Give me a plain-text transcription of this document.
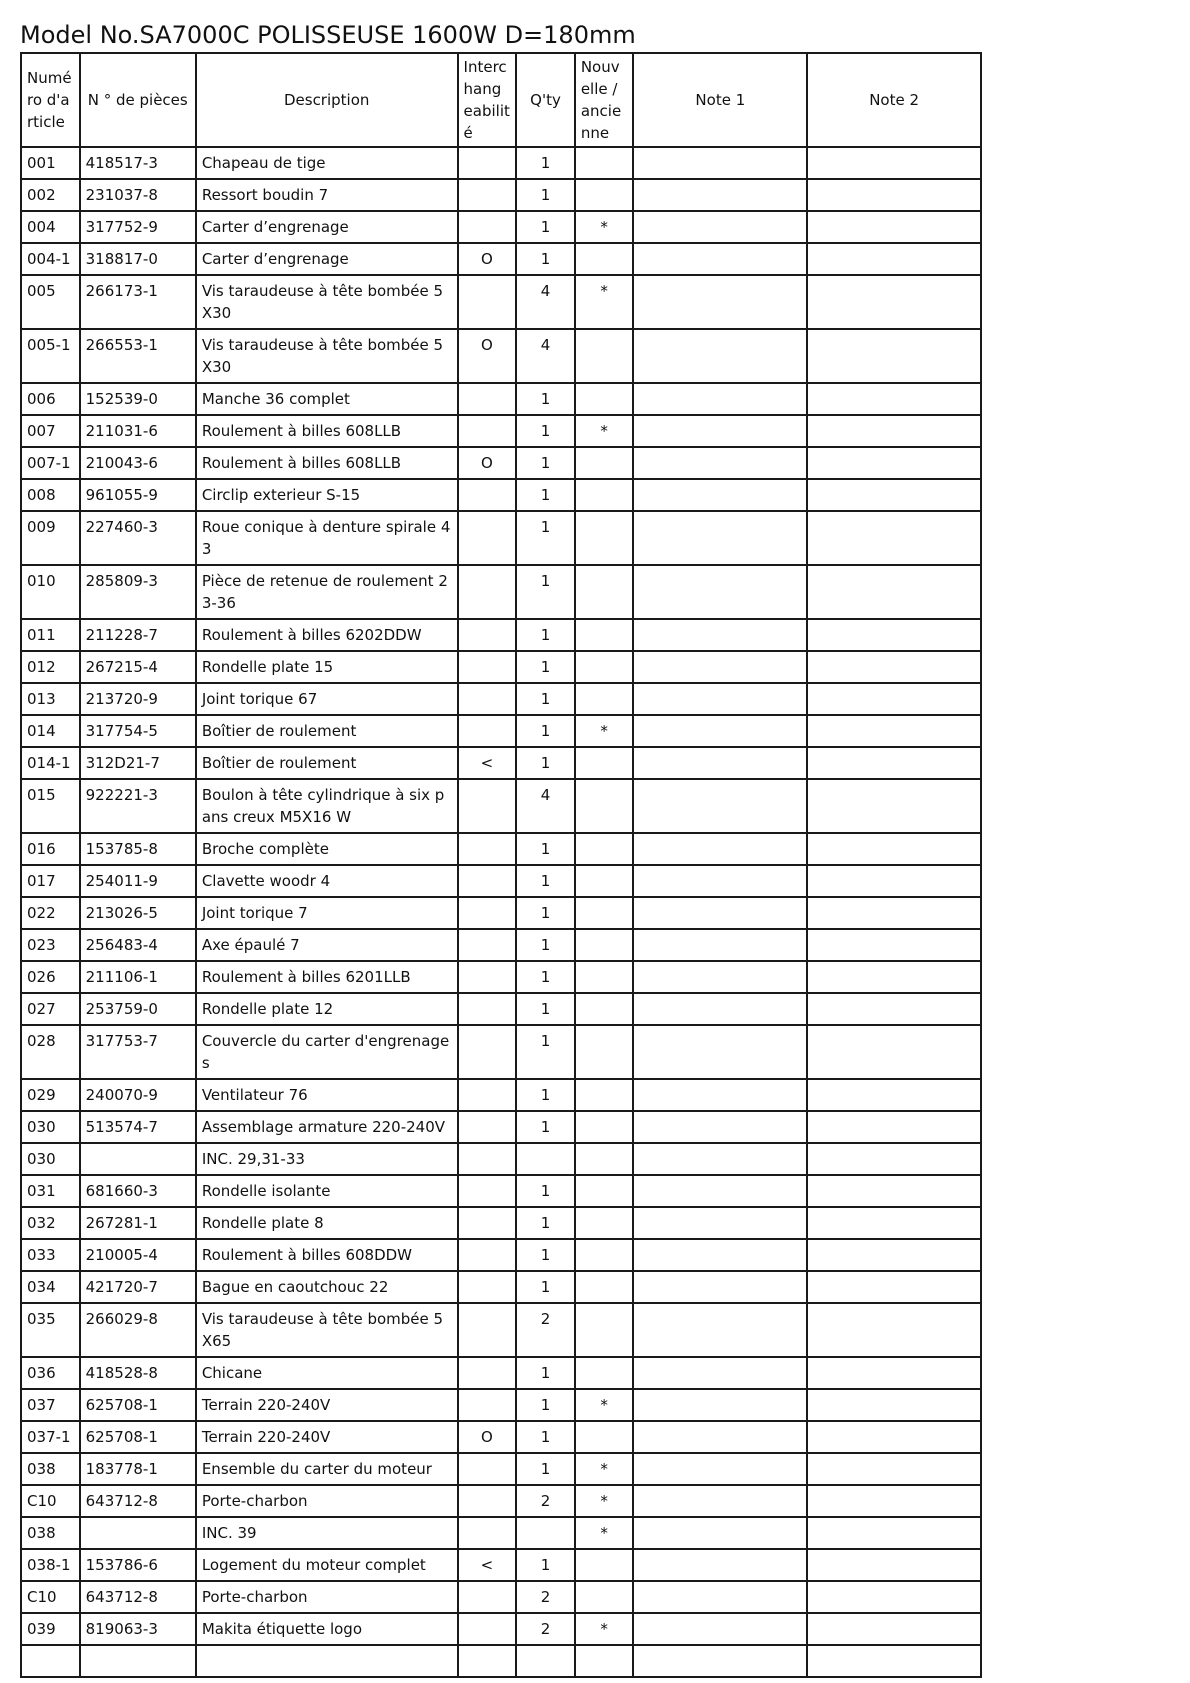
Model No.SA7000C POLISSEUSE 1600W D=180mm
Numé ro d'a rticle	N ° de pièces	Description	Interc hang eabilit é	Q'ty	Nouv elle / ancie nne	Note 1	Note 2
001	418517-3	Chapeau de tige		1			
002	231037-8	Ressort boudin 7		1			
004	317752-9	Carter d’engrenage		1	*		
004-1	318817-0	Carter d’engrenage	O	1			
005	266173-1	Vis taraudeuse à tête bombée 5X30		4	*		
005-1	266553-1	Vis taraudeuse à tête bombée 5X30	O	4			
006	152539-0	Manche 36 complet		1			
007	211031-6	Roulement à billes 608LLB		1	*		
007-1	210043-6	Roulement à billes 608LLB	O	1			
008	961055-9	Circlip exterieur S-15		1			
009	227460-3	Roue conique à denture spirale 43		1			
010	285809-3	Pièce de retenue de roulement 23-36		1			
011	211228-7	Roulement à billes 6202DDW		1			
012	267215-4	Rondelle plate 15		1			
013	213720-9	Joint torique 67		1			
014	317754-5	Boîtier de roulement		1	*		
014-1	312D21-7	Boîtier de roulement	<	1			
015	922221-3	Boulon à tête cylindrique à six pans creux M5X16 W		4			
016	153785-8	Broche complète		1			
017	254011-9	Clavette woodr 4		1			
022	213026-5	Joint torique 7		1			
023	256483-4	Axe épaulé 7		1			
026	211106-1	Roulement à billes 6201LLB		1			
027	253759-0	Rondelle plate 12		1			
028	317753-7	Couvercle du carter d'engrenages		1			
029	240070-9	Ventilateur 76		1			
030	513574-7	Assemblage armature 220-240V		1			
030		INC. 29,31-33					
031	681660-3	Rondelle isolante		1			
032	267281-1	Rondelle plate 8		1			
033	210005-4	Roulement à billes 608DDW		1			
034	421720-7	Bague en caoutchouc 22		1			
035	266029-8	Vis taraudeuse à tête bombée 5X65		2			
036	418528-8	Chicane		1			
037	625708-1	Terrain 220-240V		1	*		
037-1	625708-1	Terrain 220-240V	O	1			
038	183778-1	Ensemble du carter du moteur		1	*		
C10	643712-8	Porte-charbon		2	*		
038		INC. 39			*		
038-1	153786-6	Logement du moteur complet	<	1			
C10	643712-8	Porte-charbon		2			
039	819063-3	Makita étiquette logo		2	*		
